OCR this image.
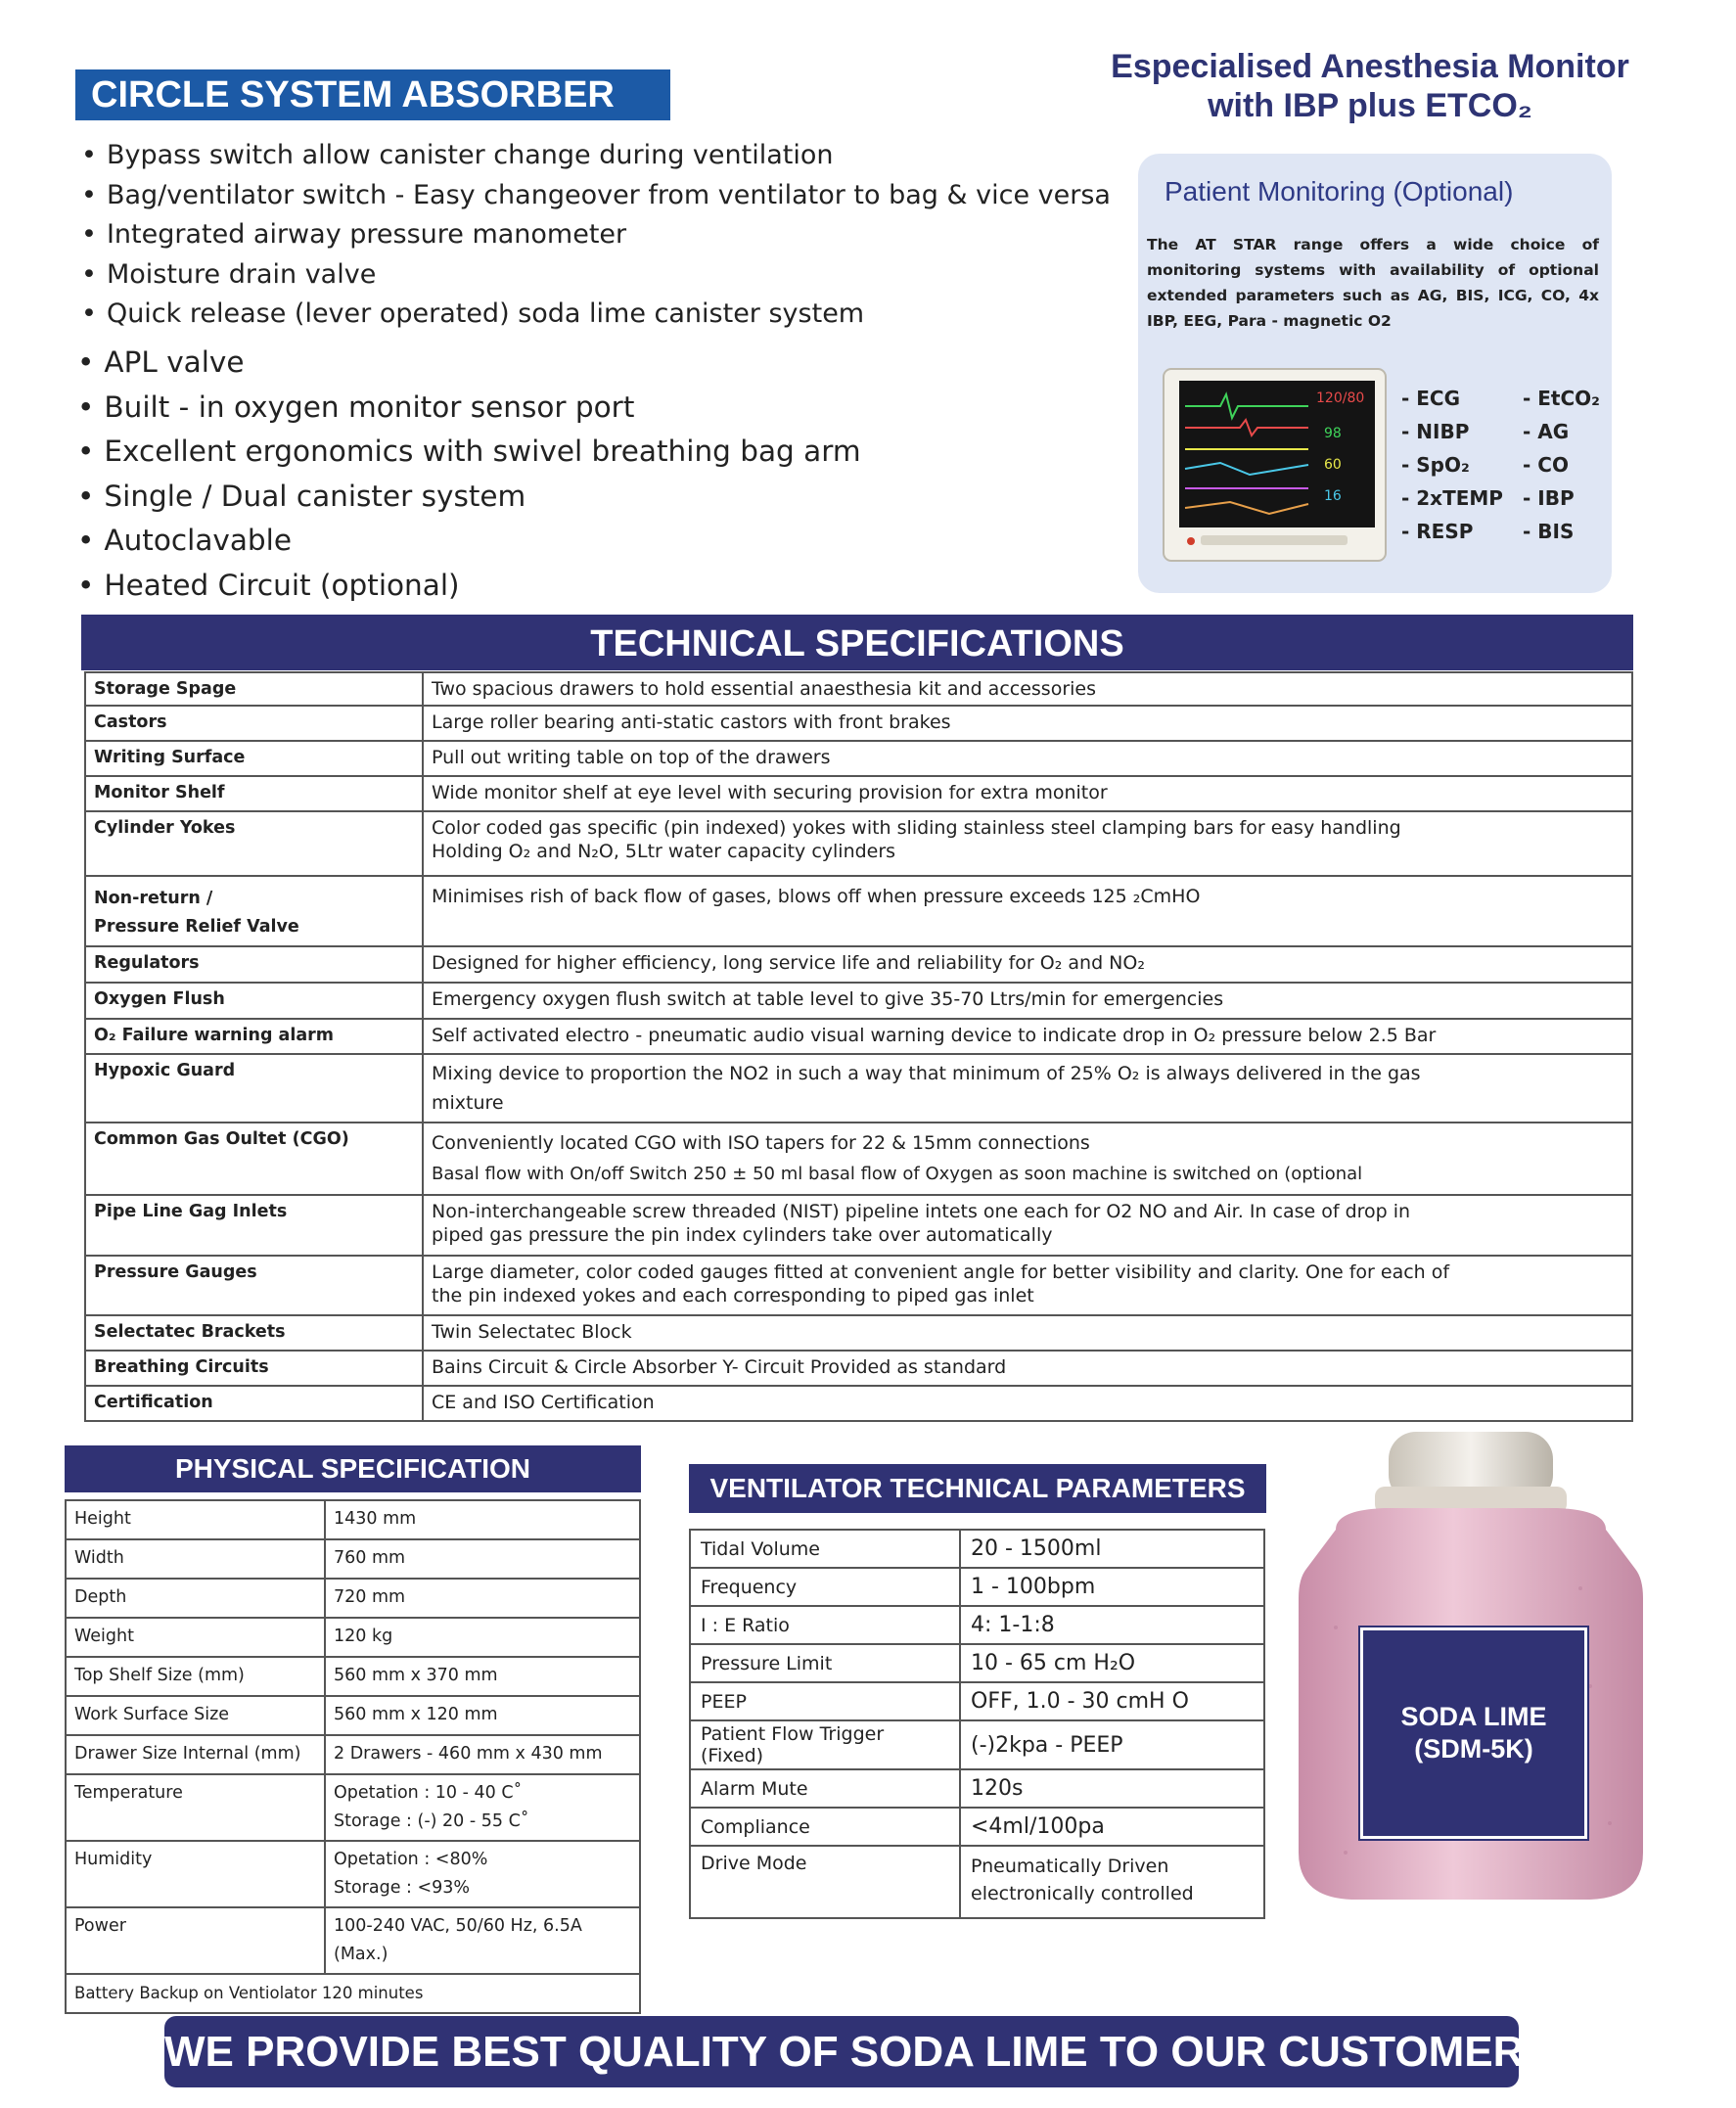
CIRCLE SYSTEM ABSORBER
• Bypass switch allow canister change during ventilation
• Bag/ventilator switch - Easy changeover from ventilator to bag & vice versa
• Integrated airway pressure manometer
• Moisture drain valve
• Quick release (lever operated) soda lime canister system
• APL valve
• Built - in oxygen monitor sensor port
• Excellent ergonomics with swivel breathing bag arm
• Single / Dual canister system
• Autoclavable
• Heated Circuit (optional)
Especialised Anesthesia Monitor
with IBP plus ETCO₂
Patient Monitoring (Optional)
The AT STAR range offers a wide choice of monitoring systems with availability of optional extended parameters such as AG, BIS, ICG, CO, 4x IBP, EEG, Para - magnetic O2
120/80
98
60
16
- ECG
- NIBP
- SpO₂
- 2xTEMP
- RESP
- EtCO₂
- AG
- CO
- IBP
- BIS
TECHNICAL SPECIFICATIONS
Storage Spage	Two spacious drawers to hold essential anaesthesia kit and accessories
Castors	Large roller bearing anti-static castors with front brakes
Writing Surface	Pull out writing table on top of the drawers
Monitor Shelf	Wide monitor shelf at eye level with securing provision for extra monitor
Cylinder Yokes	Color coded gas specific (pin indexed) yokes with sliding stainless steel clamping bars for easy handling
Holding O₂ and N₂O, 5Ltr water capacity cylinders

Non-return /
Pressure Relief Valve	Minimises rish of back flow of gases, blows off when pressure exceeds 125 ₂CmHO
Regulators	Designed for higher efficiency, long service life and reliability for O₂ and NO₂
Oxygen Flush	Emergency oxygen flush switch at table level to give 35-70 Ltrs/min for emergencies
O₂ Failure warning alarm	Self activated electro - pneumatic audio visual warning device to indicate drop in O₂ pressure below 2.5 Bar
Hypoxic Guard	Mixing device to proportion the NO2 in such a way that minimum of 25% O₂ is always delivered in the gas
mixture

Common Gas Oultet (CGO)	Conveniently located CGO with ISO tapers for 22 & 15mm connections
Basal flow with On/off Switch 250 ± 50 ml basal flow of Oxygen as soon machine is switched on (optional

Pipe Line Gag Inlets	Non-interchangeable screw threaded (NIST) pipeline intets one each for O2 NO and Air. In case of drop in
piped gas pressure the pin index cylinders take over automatically

Pressure Gauges	Large diameter, color coded gauges fitted at convenient angle for better visibility and clarity. One for each of
the pin indexed yokes and each corresponding to piped gas inlet

Selectatec Brackets	Twin Selectatec Block
Breathing Circuits	Bains Circuit & Circle Absorber Y- Circuit Provided as standard
Certification	CE and ISO Certification
PHYSICAL SPECIFICATION
Height	1430 mm
Width	760 mm
Depth	720 mm
Weight	120 kg
Top Shelf Size (mm)	560 mm x 370 mm
Work Surface Size	560 mm x 120 mm
Drawer Size Internal (mm)	2 Drawers - 460 mm x 430 mm
Temperature	Opetation : 10 - 40 C˚
Storage : (-) 20 - 55 C˚

Humidity	Opetation : <80%
Storage : <93%

Power	100-240 VAC, 50/60 Hz, 6.5A (Max.)
Battery Backup on Ventiolator 120 minutes	
VENTILATOR TECHNICAL PARAMETERS
Tidal Volume	20 - 1500ml
Frequency	1 - 100bpm
I : E Ratio	4: 1-1:8
Pressure Limit	10 - 65 cm H₂O
PEEP	OFF, 1.0 - 30 cmH O
Patient Flow Trigger (Fixed)	(-)2kpa - PEEP
Alarm Mute	120s
Compliance	<4ml/100pa
Drive Mode	Pneumatically Driven
electronically controlled
SODA LIME
(SDM-5K)
WE PROVIDE BEST QUALITY OF SODA LIME TO OUR CUSTOMERS
